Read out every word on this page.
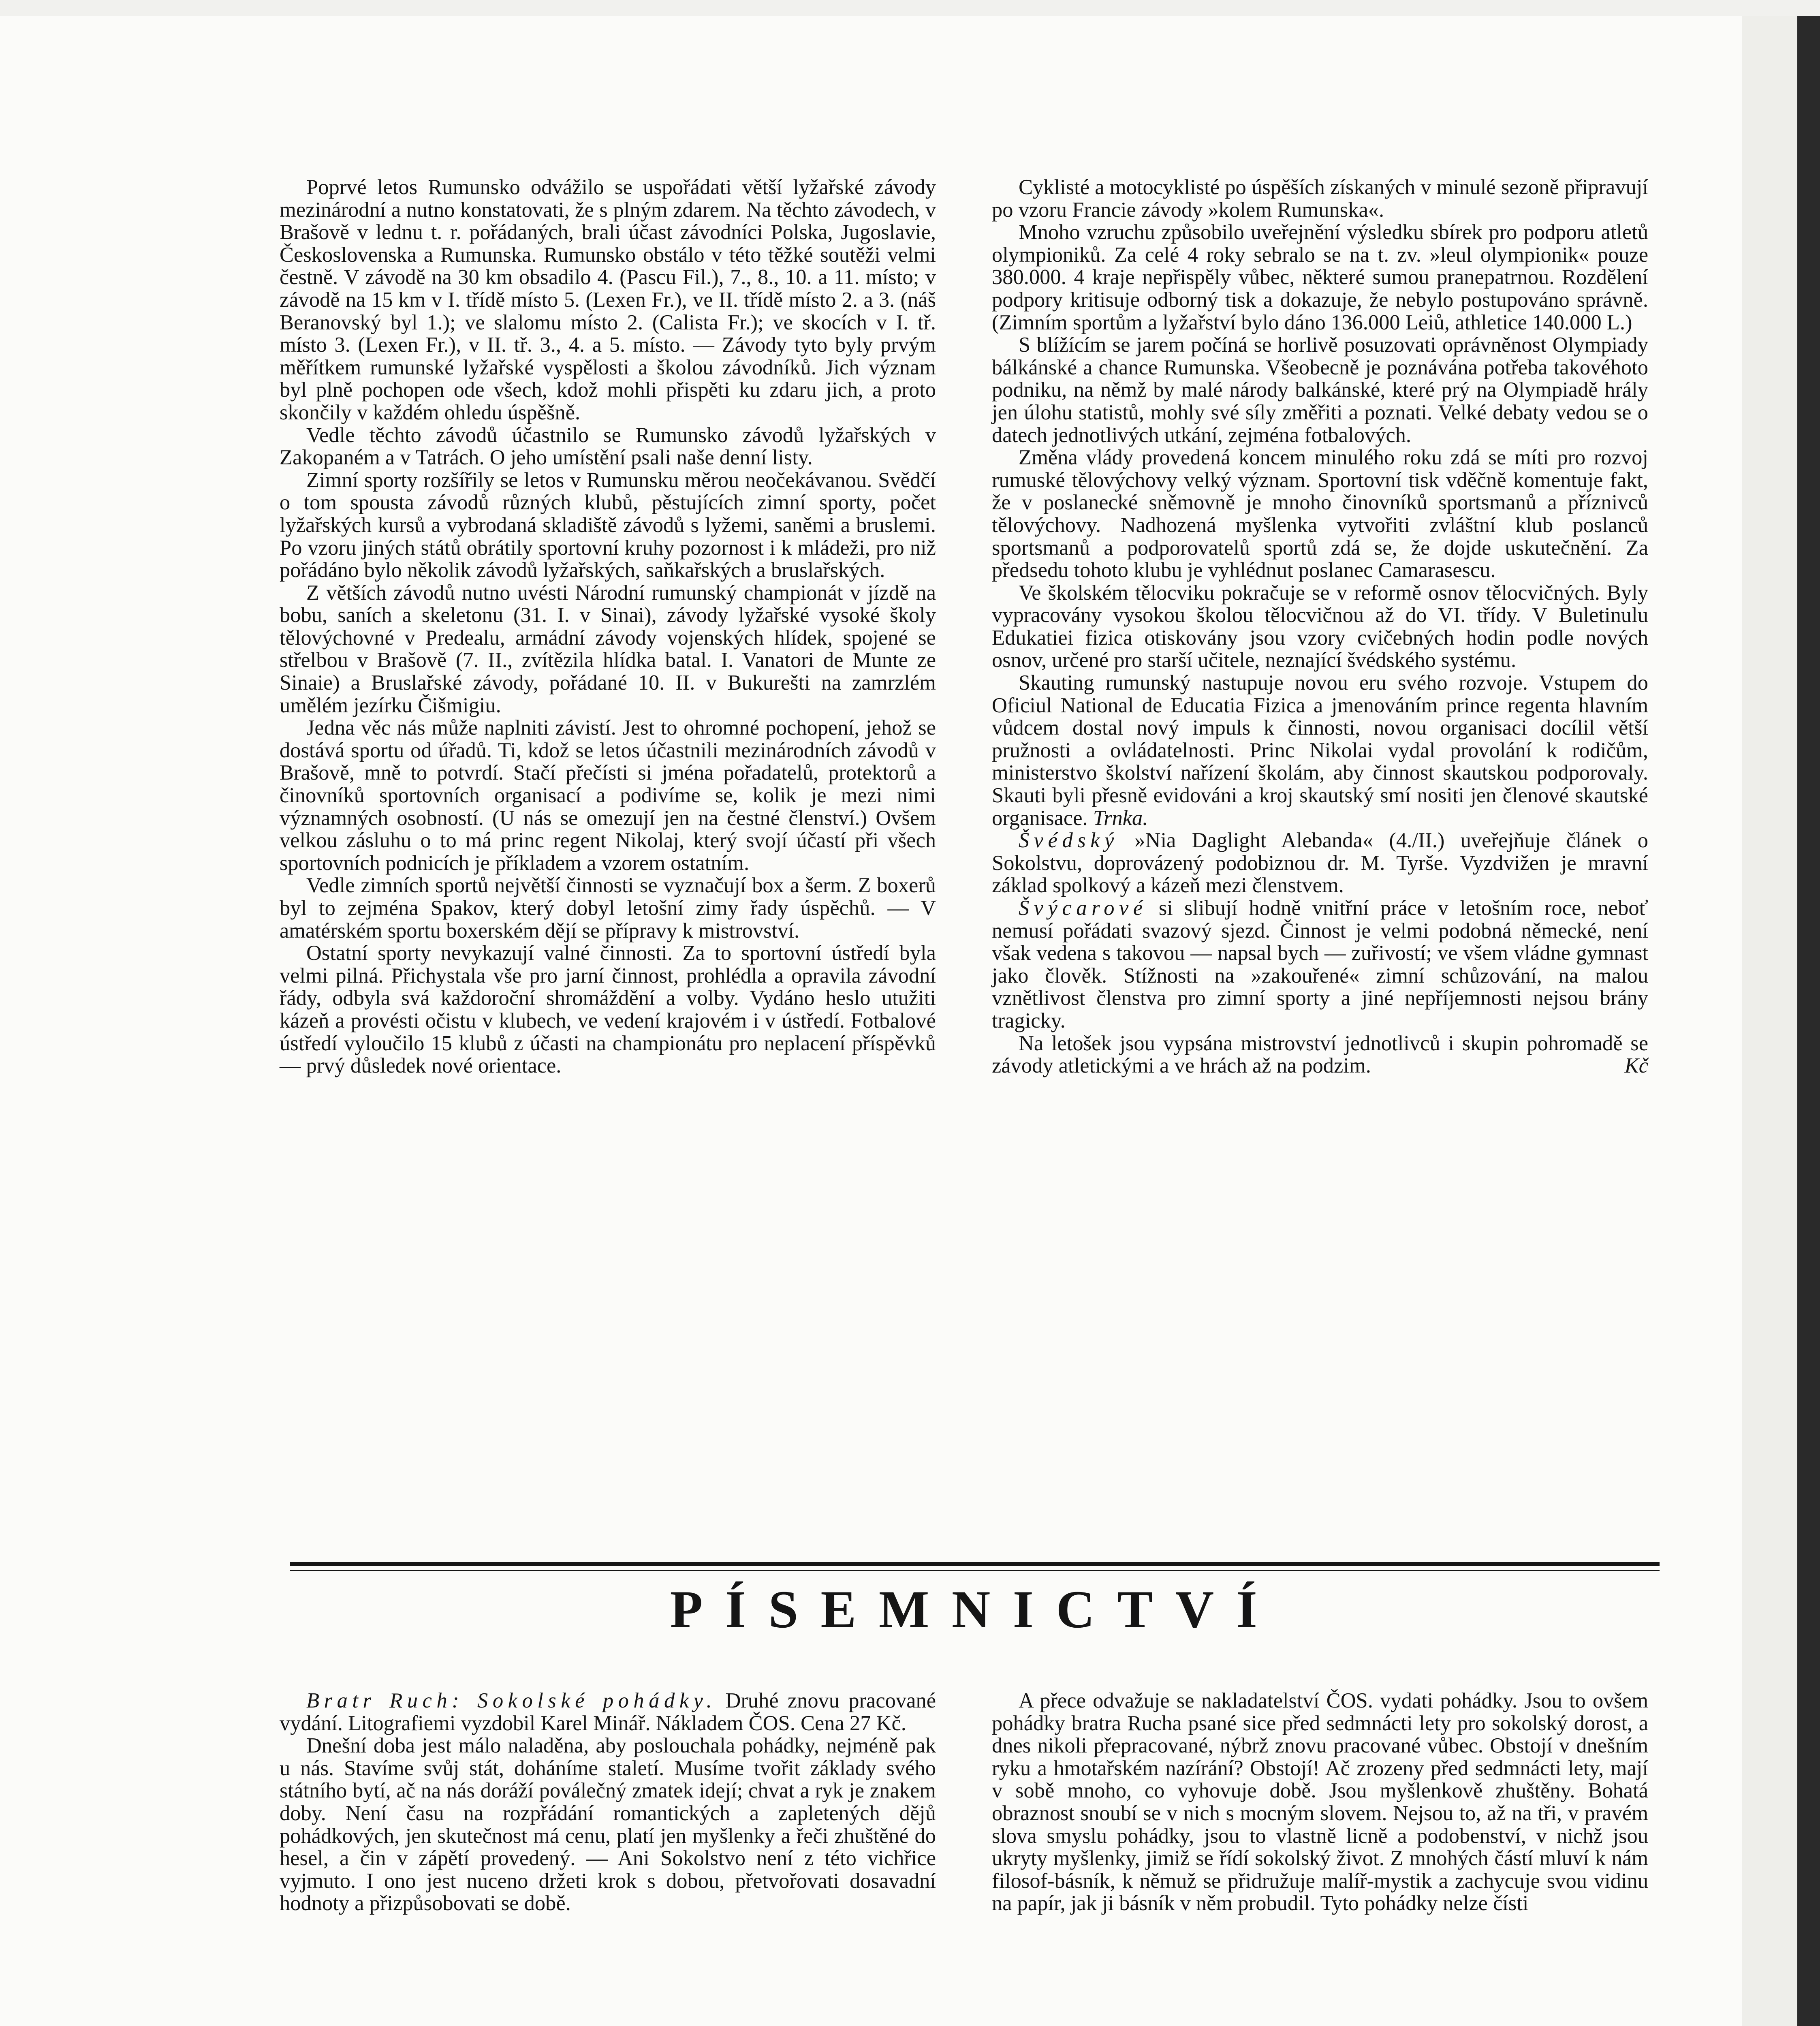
Poprvé letos Rumunsko odvážilo se uspořádati větší lyžařské závody mezinárodní a nutno konstatovati, že s plným zdarem. Na těchto závodech, v Brašově v lednu t. r. pořádaných, brali účast závodníci Polska, Jugoslavie, Československa a Rumunska. Rumunsko obstálo v této těžké soutěži velmi čestně. V závodě na 30 km obsadilo 4. (Pascu Fil.), 7., 8., 10. a 11. místo; v závodě na 15 km v I. třídě místo 5. (Lexen Fr.), ve II. třídě místo 2. a 3. (náš Beranovský byl 1.); ve slalomu místo 2. (Calista Fr.); ve skocích v I. tř. místo 3. (Lexen Fr.), v II. tř. 3., 4. a 5. místo. — Závody tyto byly prvým měřítkem rumunské lyžařské vyspělosti a školou závodníků. Jich význam byl plně pochopen ode všech, kdož mohli přispěti ku zdaru jich, a proto skončily v každém ohledu úspěšně.

Vedle těchto závodů účastnilo se Rumunsko závodů lyžařských v Zakopaném a v Tatrách. O jeho umístění psali naše denní listy.

Zimní sporty rozšířily se letos v Rumunsku měrou neočekávanou. Svědčí o tom spousta závodů různých klubů, pěstujících zimní sporty, počet lyžařských kursů a vybrodaná skladiště závodů s lyžemi, saněmi a bruslemi. Po vzoru jiných států obrátily sportovní kruhy pozornost i k mládeži, pro niž pořádáno bylo několik závodů lyžařských, saňkařských a bruslařských.

Z větších závodů nutno uvésti Národní rumunský championát v jízdě na bobu, saních a skeletonu (31. I. v Sinai), závody lyžařské vysoké školy tělovýchovné v Predealu, armádní závody vojenských hlídek, spojené se střelbou v Brašově (7. II., zvítězila hlídka batal. I. Vanatori de Munte ze Sinaie) a Bruslařské závody, pořádané 10. II. v Bukurešti na zamrzlém umělém jezírku Čišmigiu.

Jedna věc nás může naplniti závistí. Jest to ohromné pochopení, jehož se dostává sportu od úřadů. Ti, kdož se letos účastnili mezinárodních závodů v Brašově, mně to potvrdí. Stačí přečísti si jména pořadatelů, protektorů a činovníků sportovních organisací a podivíme se, kolik je mezi nimi významných osobností. (U nás se omezují jen na čestné členství.) Ovšem velkou zásluhu o to má princ regent Nikolaj, který svojí účastí při všech sportovních podnicích je příkladem a vzorem ostatním.

Vedle zimních sportů největší činnosti se vyznačují box a šerm. Z boxerů byl to zejména Spakov, který dobyl letošní zimy řady úspěchů. — V amatérském sportu boxerském dějí se přípravy k mistrovství.

Ostatní sporty nevykazují valné činnosti. Za to sportovní ústředí byla velmi pilná. Přichystala vše pro jarní činnost, prohlédla a opravila závodní řády, odbyla svá každoroční shromáždění a volby. Vydáno heslo utužiti kázeň a provésti očistu v klubech, ve vedení krajovém i v ústředí. Fotbalové ústředí vyloučilo 15 klubů z účasti na championátu pro neplacení příspěvků — prvý důsledek nové orientace.

Cyklisté a motocyklisté po úspěších získaných v minulé sezoně připravují po vzoru Francie závody »kolem Rumunska«.

Mnoho vzruchu způsobilo uveřejnění výsledku sbírek pro podporu atletů olympioniků. Za celé 4 roky sebralo se na t. zv. »leul olympionik« pouze 380.000. 4 kraje nepřispěly vůbec, některé sumou pranepatrnou. Rozdělení podpory kritisuje odborný tisk a dokazuje, že nebylo postupováno správně. (Zimním sportům a lyžařství bylo dáno 136.000 Leiů, athletice 140.000 L.)

S blížícím se jarem počíná se horlivě posuzovati oprávněnost Olympiady bálkánské a chance Rumunska. Všeobecně je poznávána potřeba takovéhoto podniku, na němž by malé národy balkánské, které prý na Olympiadě hrály jen úlohu statistů, mohly své síly změřiti a poznati. Velké debaty vedou se o datech jednotlivých utkání, zejména fotbalových.

Změna vlády provedená koncem minulého roku zdá se míti pro rozvoj rumuské tělovýchovy velký význam. Sportovní tisk vděčně komentuje fakt, že v poslanecké sněmovně je mnoho činovníků sportsmanů a příznivců tělovýchovy. Nadhozená myšlenka vytvořiti zvláštní klub poslanců sportsmanů a podporovatelů sportů zdá se, že dojde uskutečnění. Za předsedu tohoto klubu je vyhlédnut poslanec Camarasescu.

Ve školském tělocviku pokračuje se v reformě osnov tělocvičných. Byly vypracovány vysokou školou tělocvičnou až do VI. třídy. V Buletinulu Edukatiei fizica otiskovány jsou vzory cvičebných hodin podle nových osnov, určené pro starší učitele, neznající švédského systému.

Skauting rumunský nastupuje novou eru svého rozvoje. Vstupem do Oficiul National de Educatia Fizica a jmenováním prince regenta hlavním vůdcem dostal nový impuls k činnosti, novou organisaci docílil větší pružnosti a ovládatelnosti. Princ Nikolai vydal provolání k rodičům, ministerstvo školství nařízení školám, aby činnost skautskou podporovaly. Skauti byli přesně evidováni a kroj skautský smí nositi jen členové skautské organisace. Trnka.

Švédský »Nia Daglight Alebanda« (4./II.) uveřejňuje článek o Sokolstvu, doprovázený podobiznou dr. M. Tyrše. Vyzdvižen je mravní základ spolkový a kázeň mezi členstvem.

Švýcarové si slibují hodně vnitřní práce v letošním roce, neboť nemusí pořádati svazový sjezd. Činnost je velmi podobná německé, není však vedena s takovou — napsal bych — zuřivostí; ve všem vládne gymnast jako člověk. Stížnosti na »zakouřené« zimní schůzování, na malou vznětlivost členstva pro zimní sporty a jiné nepříjemnosti nejsou brány tragicky.

Na letošek jsou vypsána mistrovství jednotlivců i skupin pohromadě se závody atletickými a ve hrách až na podzim.	Kč

PÍSEMNICTVÍ

Bratr Ruch: Sokolské pohádky. Druhé znovu pracované vydání. Litografiemi vyzdobil Karel Minář. Nákladem ČOS. Cena 27 Kč.

Dnešní doba jest málo naladěna, aby poslouchala pohádky, nejméně pak u nás. Stavíme svůj stát, doháníme staletí. Musíme tvořit základy svého státního bytí, ač na nás doráží poválečný zmatek idejí; chvat a ryk je znakem doby. Není času na rozpřádání romantických a zapletených dějů pohádkových, jen skutečnost má cenu, platí jen myšlenky a řeči zhuštěné do hesel, a čin v zápětí provedený. — Ani Sokolstvo není z této vichřice vyjmuto. I ono jest nuceno držeti krok s dobou, přetvořovati dosavadní hodnoty a přizpůsobovati se době.

A přece odvažuje se nakladatelství ČOS. vydati pohádky. Jsou to ovšem pohádky bratra Rucha psané sice před sedmnácti lety pro sokolský dorost, a dnes nikoli přepracované, nýbrž znovu pracované vůbec. Obstojí v dnešním ryku a hmotařském nazírání? Obstojí! Ač zrozeny před sedmnácti lety, mají v sobě mnoho, co vyhovuje době. Jsou myšlenkově zhuštěny. Bohatá obraznost snoubí se v nich s mocným slovem. Nejsou to, až na tři, v pravém slova smyslu pohádky, jsou to vlastně licně a podobenství, v nichž jsou ukryty myšlenky, jimiž se řídí sokolský život. Z mnohých částí mluví k nám filosof-básník, k němuž se přidružuje malíř-mystik a zachycuje svou vidinu na papír, jak ji básník v něm probudil. Tyto pohádky nelze čísti
